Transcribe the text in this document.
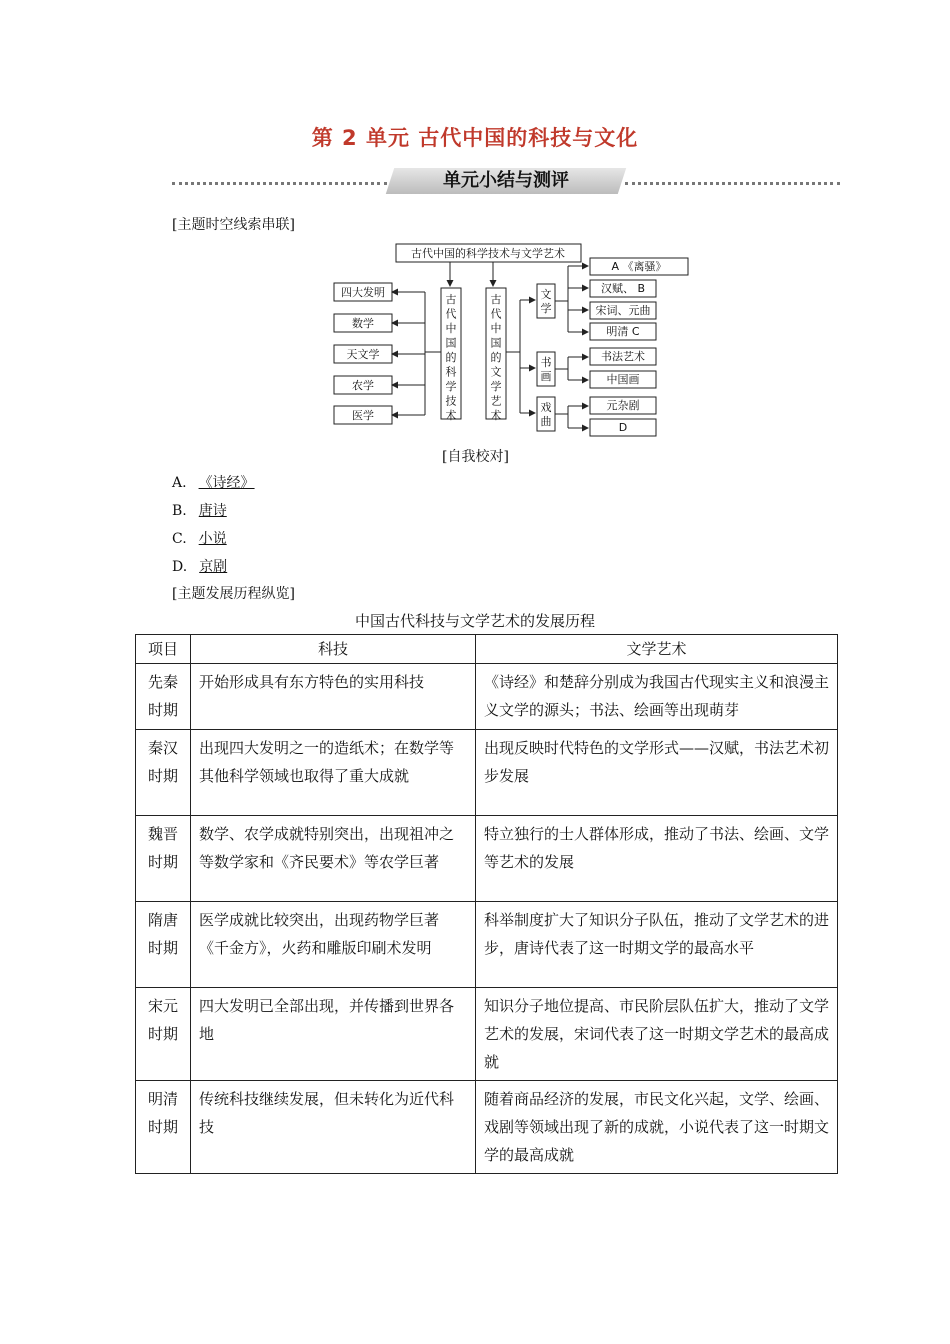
第 2 单元 古代中国的科技与文化
单元小结与测评
[主题时空线索串联]
古代中国的科学技术与文学艺术
四大发明
数学
天文学
农学
医学
A 《离骚》
汉赋、 B
宋词、元曲
明清 C
书法艺术
中国画
元杂剧
D
古代中国的科学技术
古代中国的文学艺术
文学
书画
戏曲
[自我校对]
A. 《诗经》
B. 唐诗
C. 小说
D. 京剧
[主题发展历程纵览]
中国古代科技与文学艺术的发展历程
项目	科技	文学艺术
先秦
时期	开始形成具有东方特色的实用科技	《诗经》和楚辞分别成为我国古代现实主义和浪漫主义文学的源头；书法、绘画等出现萌芽
秦汉
时期	出现四大发明之一的造纸术；在数学等其他科学领域也取得了重大成就	出现反映时代特色的文学形式——汉赋，书法艺术初步发展
魏晋
时期	数学、农学成就特别突出，出现祖冲之等数学家和《齐民要术》等农学巨著	特立独行的士人群体形成，推动了书法、绘画、文学等艺术的发展
隋唐
时期	医学成就比较突出，出现药物学巨著《千金方》，火药和雕版印刷术发明	科举制度扩大了知识分子队伍，推动了文学艺术的进步，唐诗代表了这一时期文学的最高水平
宋元
时期	四大发明已全部出现，并传播到世界各地	知识分子地位提高、市民阶层队伍扩大，推动了文学艺术的发展，宋词代表了这一时期文学艺术的最高成就
明清
时期	传统科技继续发展，但未转化为近代科技	随着商品经济的发展，市民文化兴起，文学、绘画、戏剧等领域出现了新的成就，小说代表了这一时期文学的最高成就
